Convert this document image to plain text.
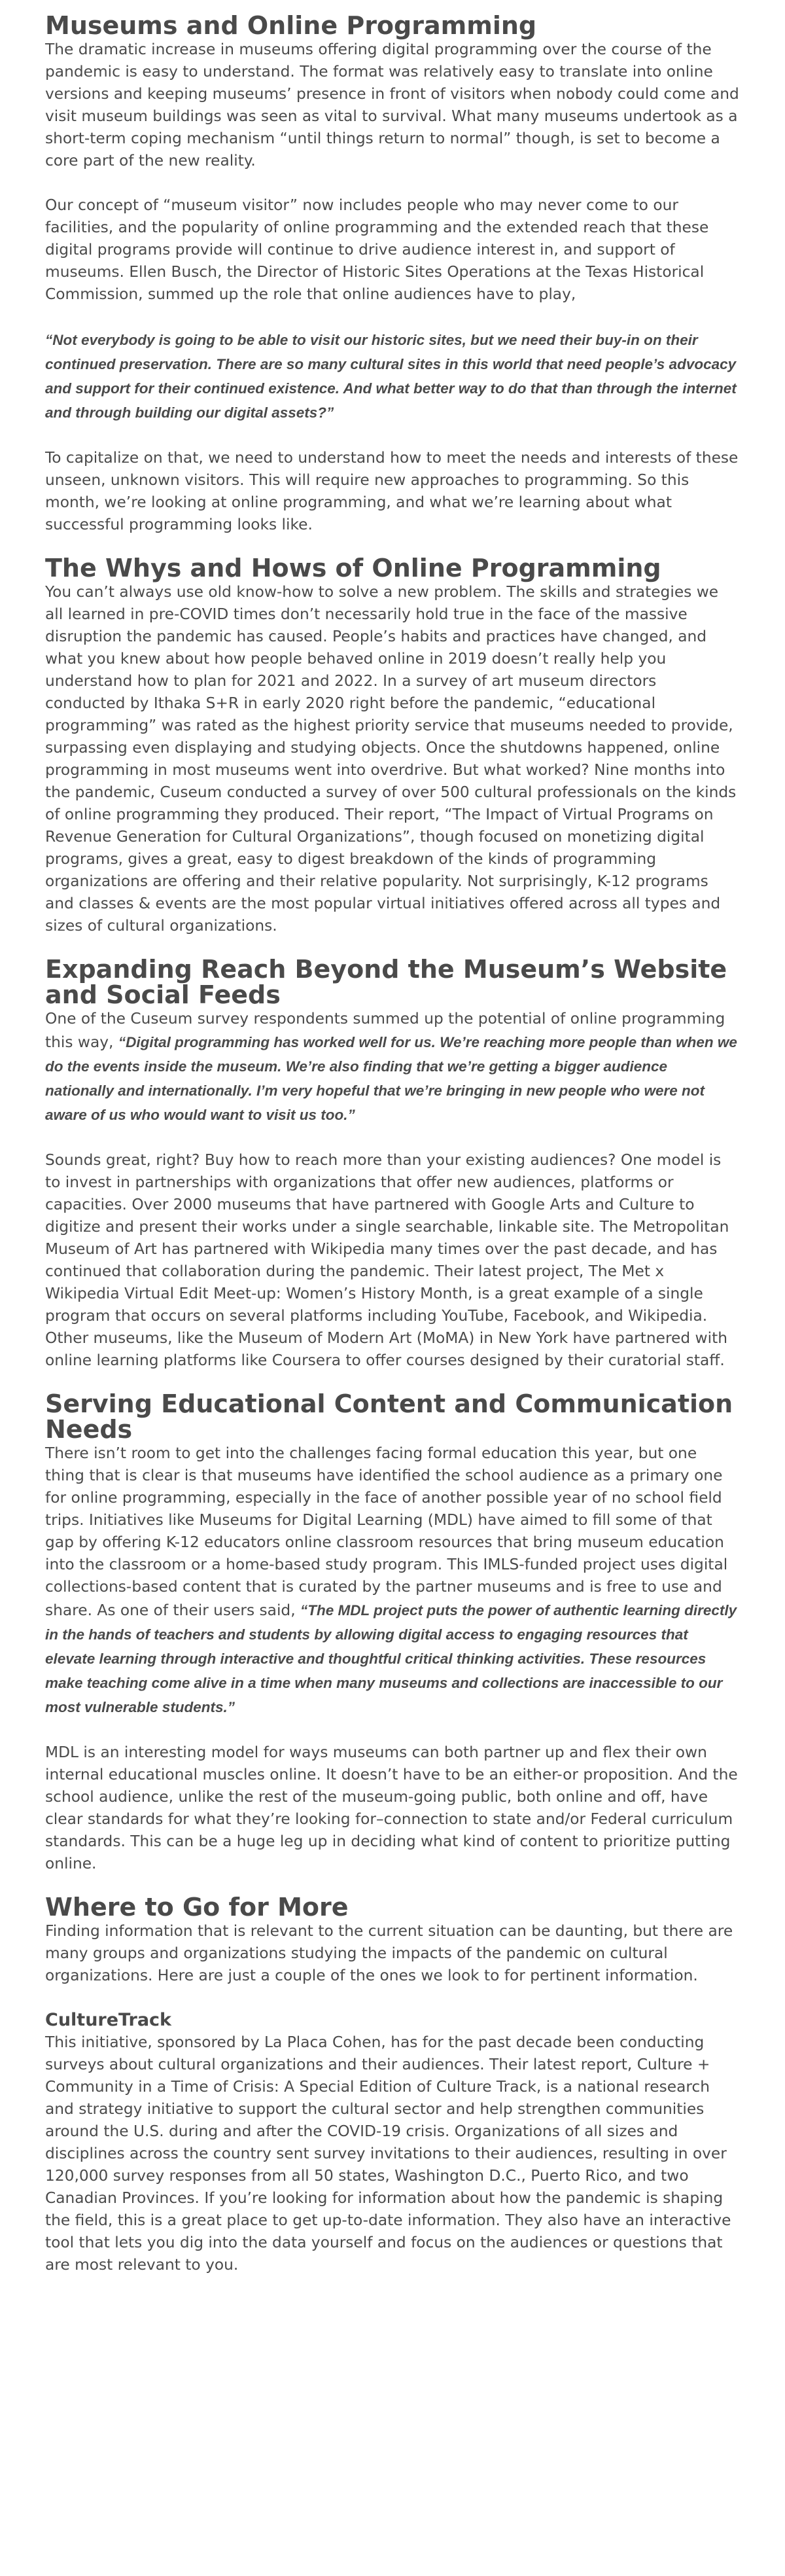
Museums and Online Programming

The dramatic increase in museums offering digital programming over the course of the pandemic is easy to understand. The format was relatively easy to translate into online versions and keeping museums’ presence in front of visitors when nobody could come and visit museum buildings was seen as vital to survival. What many museums undertook as a short-term coping mechanism “until things return to normal” though, is set to become a core part of the new reality.

Our concept of “museum visitor” now includes people who may never come to our facilities, and the popularity of online programming and the extended reach that these digital programs provide will continue to drive audience interest in, and support of museums. Ellen Busch, the Director of Historic Sites Operations at the Texas Historical Commission, summed up the role that online audiences have to play,

“Not everybody is going to be able to visit our historic sites, but we need their buy-in on their continued preservation. There are so many cultural sites in this world that need people’s advocacy and support for their continued existence. And what better way to do that than through the internet and through building our digital assets?”

To capitalize on that, we need to understand how to meet the needs and interests of these unseen, unknown visitors. This will require new approaches to programming. So this month, we’re looking at online programming, and what we’re learning about what successful programming looks like.

The Whys and Hows of Online Programming

You can’t always use old know-how to solve a new problem. The skills and strategies we all learned in pre-COVID times don’t necessarily hold true in the face of the massive disruption the pandemic has caused. People’s habits and practices have changed, and what you knew about how people behaved online in 2019 doesn’t really help you understand how to plan for 2021 and 2022. In a survey of art museum directors conducted by Ithaka S+R in early 2020 right before the pandemic, “educational programming” was rated as the highest priority service that museums needed to provide, surpassing even displaying and studying objects. Once the shutdowns happened, online programming in most museums went into overdrive. But what worked? Nine months into the pandemic, Cuseum conducted a survey of over 500 cultural professionals on the kinds of online programming they produced. Their report, “The Impact of Virtual Programs on Revenue Generation for Cultural Organizations”, though focused on monetizing digital programs, gives a great, easy to digest breakdown of the kinds of programming organizations are offering and their relative popularity. Not surprisingly, K-12 programs and classes & events are the most popular virtual initiatives offered across all types and sizes of cultural organizations.

Expanding Reach Beyond the Museum’s Website and Social Feeds

One of the Cuseum survey respondents summed up the potential of online programming this way, “Digital programming has worked well for us. We’re reaching more people than when we do the events inside the museum. We’re also finding that we’re getting a bigger audience nationally and internationally. I’m very hopeful that we’re bringing in new people who were not aware of us who would want to visit us too.”

Sounds great, right? Buy how to reach more than your existing audiences? One model is to invest in partnerships with organizations that offer new audiences, platforms or capacities. Over 2000 museums that have partnered with Google Arts and Culture to digitize and present their works under a single searchable, linkable site. The Metropolitan Museum of Art has partnered with Wikipedia many times over the past decade, and has continued that collaboration during the pandemic. Their latest project, The Met x Wikipedia Virtual Edit Meet-up: Women’s History Month, is a great example of a single program that occurs on several platforms including YouTube, Facebook, and Wikipedia. Other museums, like the Museum of Modern Art (MoMA) in New York have partnered with online learning platforms like Coursera to offer courses designed by their curatorial staff.

Serving Educational Content and Communication Needs

There isn’t room to get into the challenges facing formal education this year, but one thing that is clear is that museums have identified the school audience as a primary one for online programming, especially in the face of another possible year of no school field trips. Initiatives like Museums for Digital Learning (MDL) have aimed to fill some of that gap by offering K-12 educators online classroom resources that bring museum education into the classroom or a home-based study program. This IMLS-funded project uses digital collections-based content that is curated by the partner museums and is free to use and share. As one of their users said, “The MDL project puts the power of authentic learning directly in the hands of teachers and students by allowing digital access to engaging resources that elevate learning through interactive and thoughtful critical thinking activities. These resources make teaching come alive in a time when many museums and collections are inaccessible to our most vulnerable students.”

MDL is an interesting model for ways museums can both partner up and flex their own internal educational muscles online. It doesn’t have to be an either-or proposition. And the school audience, unlike the rest of the museum-going public, both online and off, have clear standards for what they’re looking for–connection to state and/or Federal curriculum standards. This can be a huge leg up in deciding what kind of content to prioritize putting online.

Where to Go for More

Finding information that is relevant to the current situation can be daunting, but there are many groups and organizations studying the impacts of the pandemic on cultural organizations. Here are just a couple of the ones we look to for pertinent information.

CultureTrack

This initiative, sponsored by La Placa Cohen, has for the past decade been conducting surveys about cultural organizations and their audiences. Their latest report, Culture + Community in a Time of Crisis: A Special Edition of Culture Track, is a national research and strategy initiative to support the cultural sector and help strengthen communities around the U.S. during and after the COVID-19 crisis. Organizations of all sizes and disciplines across the country sent survey invitations to their audiences, resulting in over 120,000 survey responses from all 50 states, Washington D.C., Puerto Rico, and two Canadian Provinces. If you’re looking for information about how the pandemic is shaping the field, this is a great place to get up-to-date information. They also have an interactive tool that lets you dig into the data yourself and focus on the audiences or questions that are most relevant to you.
